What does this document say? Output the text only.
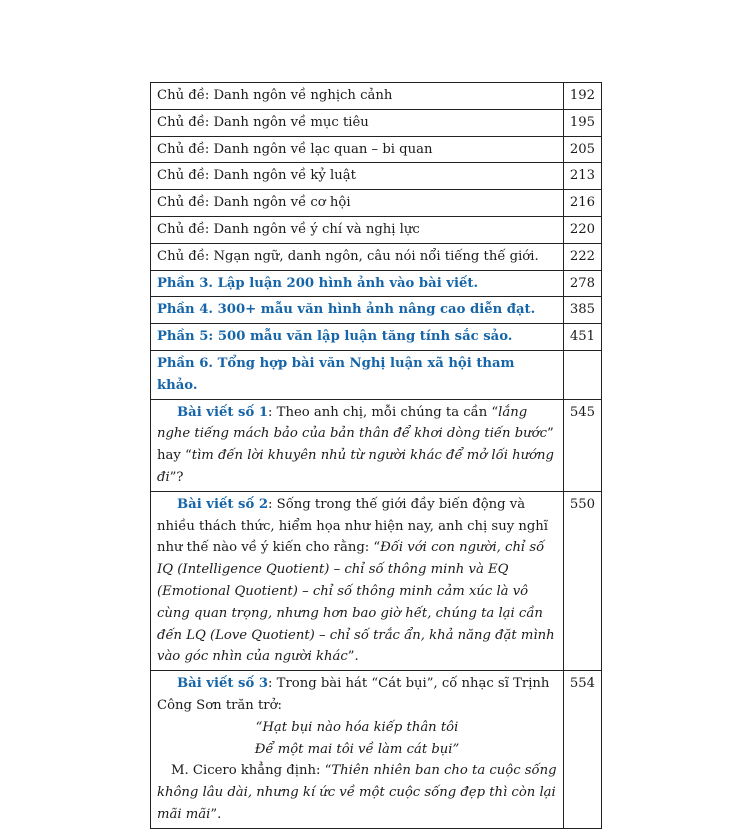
Chủ đề: Danh ngôn về nghịch cảnh	192
Chủ đề: Danh ngôn về mục tiêu	195
Chủ đề: Danh ngôn về lạc quan – bi quan	205
Chủ đề: Danh ngôn về kỷ luật	213
Chủ đề: Danh ngôn về cơ hội	216
Chủ đề: Danh ngôn về ý chí và nghị lực	220
Chủ đề: Ngạn ngữ, danh ngôn, câu nói nổi tiếng thế giới.	222
Phần 3. Lập luận 200 hình ảnh vào bài viết.	278
Phần 4. 300+ mẫu văn hình ảnh nâng cao diễn đạt.	385
Phần 5: 500 mẫu văn lập luận tăng tính sắc sảo.	451
Phần 6. Tổng hợp bài văn Nghị luận xã hội tham khảo.	
Bài viết số 1: Theo anh chị, mỗi chúng ta cần “lắng nghe tiếng mách bảo của bản thân để khơi dòng tiến bước” hay “tìm đến lời khuyên nhủ từ người khác để mở lối hướng đi”?	545
Bài viết số 2: Sống trong thế giới đầy biến động và nhiều thách thức, hiểm họa như hiện nay, anh chị suy nghĩ như thế nào về ý kiến cho rằng: “Đối với con người, chỉ số IQ (Intelligence Quotient) – chỉ số thông minh và EQ (Emotional Quotient) – chỉ số thông minh cảm xúc là vô cùng quan trọng, nhưng hơn bao giờ hết, chúng ta lại cần đến LQ (Love Quotient) – chỉ số trắc ẩn, khả năng đặt mình vào góc nhìn của người khác”.	550
Bài viết số 3: Trong bài hát “Cát bụi”, cố nhạc sĩ Trịnh Công Sơn trăn trở:
“Hạt bụi nào hóa kiếp thân tôi
Để một mai tôi về làm cát bụi”
M. Cicero khẳng định: “Thiên nhiên ban cho ta cuộc sống không lâu dài, nhưng kí ức về một cuộc sống đẹp thì còn lại mãi mãi”.	554
